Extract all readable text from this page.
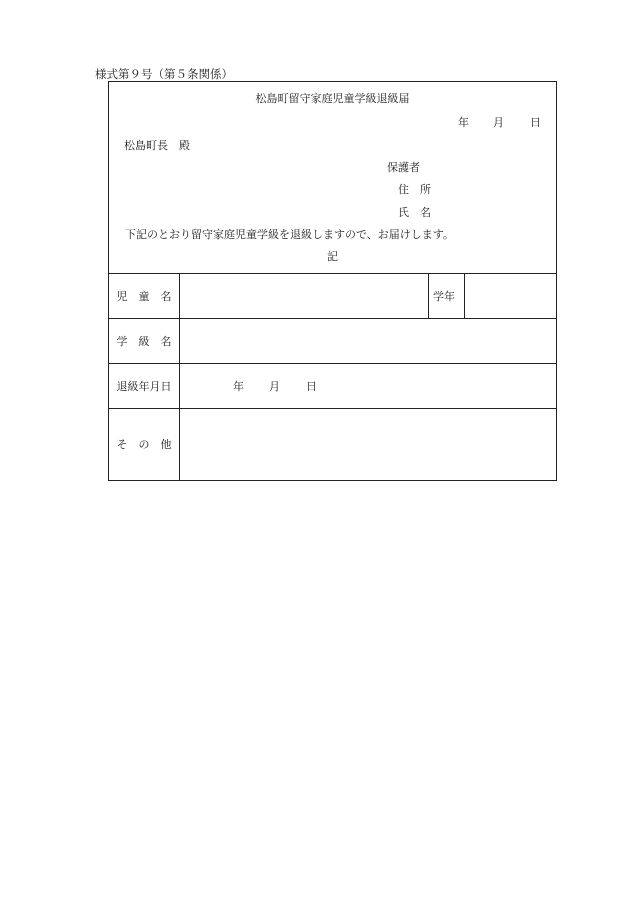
様式第９号（第５条関係）
松島町留守家庭児童学級退級届
年 月 日
松島町長　殿
保護者
住　所
氏　名
下記のとおり留守家庭児童学級を退級しますので、お届けします。
記
児　童　名	学年
学　級　名
退級年月日	年 月 日
そ　の　他
